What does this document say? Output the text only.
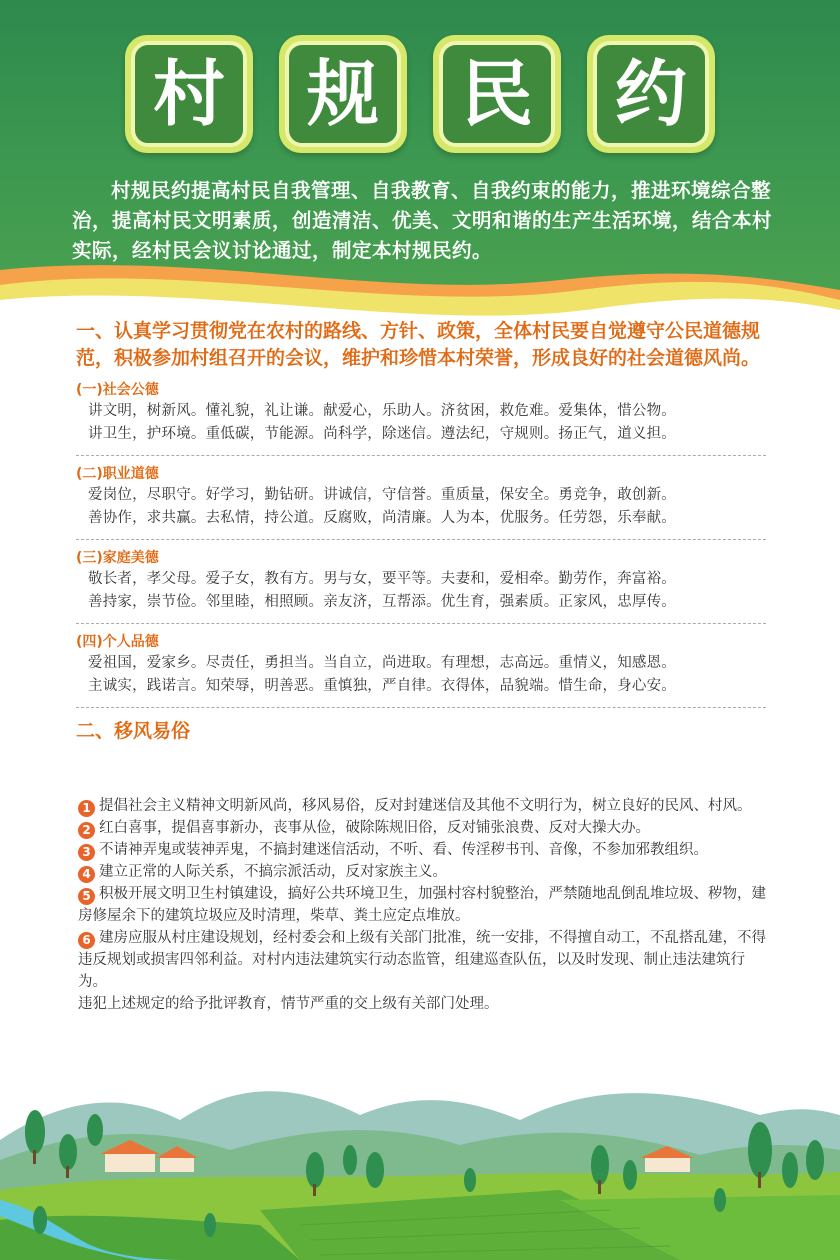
村 规 民 约

村规民约提高村民自我管理、自我教育、自我约束的能力，推进环境综合整治，提高村民文明素质，创造清洁、优美、文明和谐的生产生活环境，结合本村实际，经村民会议讨论通过，制定本村规民约。

一、认真学习贯彻党在农村的路线、方针、政策，全体村民要自觉遵守公民道德规范，积极参加村组召开的会议，维护和珍惜本村荣誉，形成良好的社会道德风尚。
(一)社会公德
讲文明，树新风。懂礼貌，礼让谦。献爱心，乐助人。济贫困，救危难。爱集体，惜公物。
讲卫生，护环境。重低碳，节能源。尚科学，除迷信。遵法纪，守规则。扬正气，道义担。
(二)职业道德
爱岗位，尽职守。好学习，勤钻研。讲诚信，守信誉。重质量，保安全。勇竞争，敢创新。
善协作，求共赢。去私情，持公道。反腐败，尚清廉。人为本，优服务。任劳怨，乐奉献。
(三)家庭美德
敬长者，孝父母。爱子女，教有方。男与女，要平等。夫妻和，爱相牵。勤劳作，奔富裕。
善持家，崇节俭。邻里睦，相照顾。亲友济，互帮添。优生育，强素质。正家风，忠厚传。
(四)个人品德
爱祖国，爱家乡。尽责任，勇担当。当自立，尚进取。有理想，志高远。重情义，知感恩。
主诚实，践诺言。知荣辱，明善恶。重慎独，严自律。衣得体，品貌端。惜生命，身心安。
二、移风易俗
1 提倡社会主义精神文明新风尚，移风易俗，反对封建迷信及其他不文明行为，树立良好的民风、村风。
2 红白喜事，提倡喜事新办，丧事从俭，破除陈规旧俗，反对铺张浪费、反对大操大办。
3 不请神弄鬼或装神弄鬼，不搞封建迷信活动，不听、看、传淫秽书刊、音像，不参加邪教组织。
4 建立正常的人际关系，不搞宗派活动，反对家族主义。
5 积极开展文明卫生村镇建设，搞好公共环境卫生，加强村容村貌整治，严禁随地乱倒乱堆垃圾、秽物，建房修屋余下的建筑垃圾应及时清理，柴草、粪土应定点堆放。
6 建房应服从村庄建设规划，经村委会和上级有关部门批准，统一安排，不得擅自动工，不乱搭乱建，不得违反规划或损害四邻利益。对村内违法建筑实行动态监管，组建巡查队伍，以及时发现、制止违法建筑行为。
违犯上述规定的给予批评教育，情节严重的交上级有关部门处理。
